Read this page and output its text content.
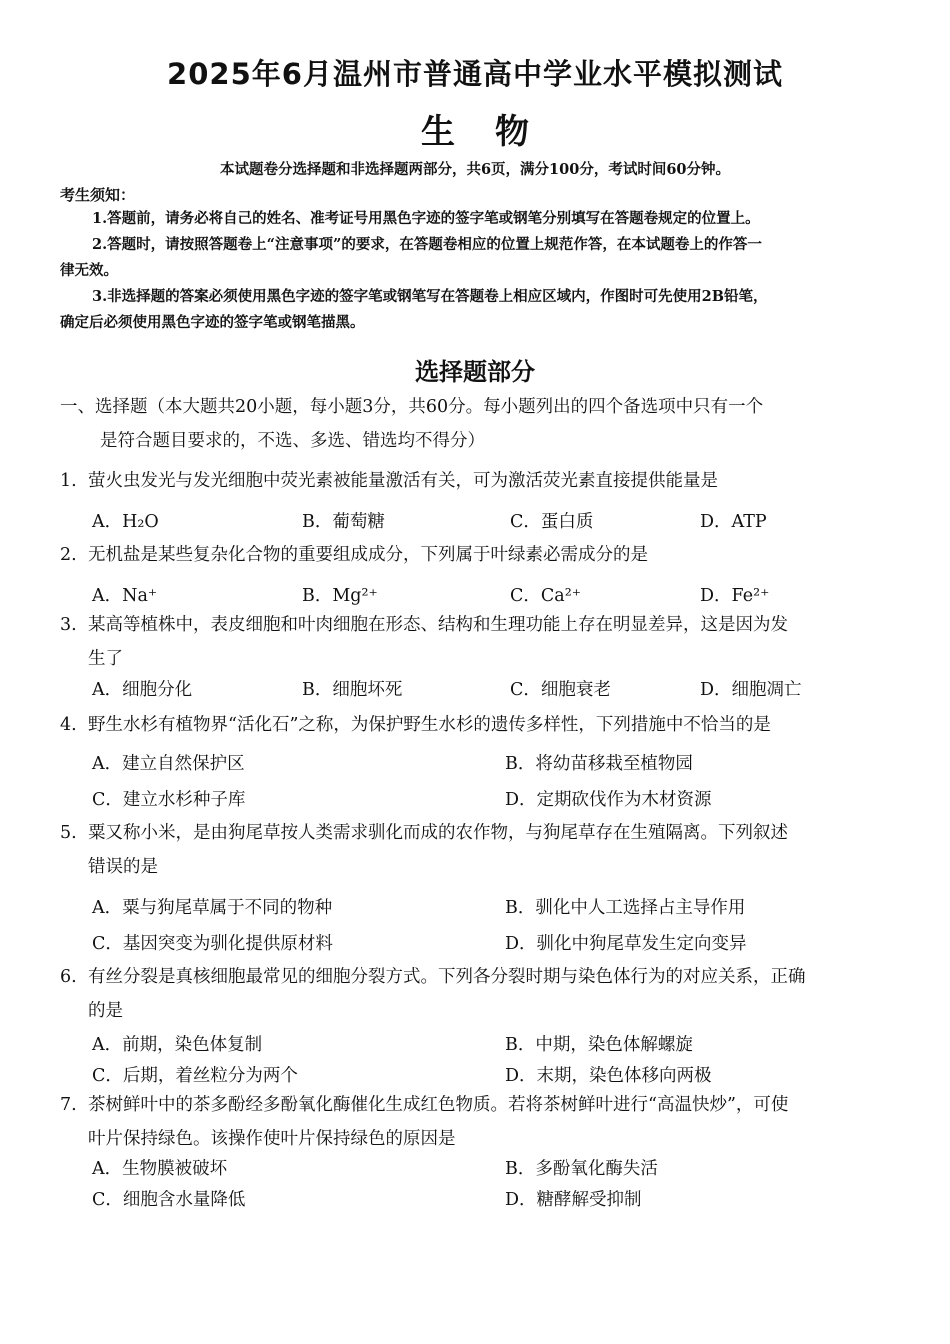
2025年6月温州市普通高中学业水平模拟测试
生物
本试题卷分选择题和非选择题两部分，共6页，满分100分，考试时间60分钟。
考生须知：
1.答题前，请务必将自己的姓名、准考证号用黑色字迹的签字笔或钢笔分别填写在答题卷规定的位置上。
2.答题时，请按照答题卷上“注意事项”的要求，在答题卷相应的位置上规范作答，在本试题卷上的作答一
律无效。
3.非选择题的答案必须使用黑色字迹的签字笔或钢笔写在答题卷上相应区域内，作图时可先使用2B铅笔，
确定后必须使用黑色字迹的签字笔或钢笔描黑。
选择题部分
一、选择题（本大题共20小题，每小题3分，共60分。每小题列出的四个备选项中只有一个
是符合题目要求的，不选、多选、错选均不得分）
1. 萤火虫发光与发光细胞中荧光素被能量激活有关，可为激活荧光素直接提供能量是
A．H₂O	B．葡萄糖	C．蛋白质	D．ATP
2. 无机盐是某些复杂化合物的重要组成成分，下列属于叶绿素必需成分的是
A．Na⁺	B．Mg²⁺	C．Ca²⁺	D．Fe²⁺
3. 某高等植株中，表皮细胞和叶肉细胞在形态、结构和生理功能上存在明显差异，这是因为发
生了
A．细胞分化	B．细胞坏死	C．细胞衰老	D．细胞凋亡
4. 野生水杉有植物界“活化石”之称，为保护野生水杉的遗传多样性，下列措施中不恰当的是
A．建立自然保护区	B．将幼苗移栽至植物园
C．建立水杉种子库	D．定期砍伐作为木材资源
5. 粟又称小米，是由狗尾草按人类需求驯化而成的农作物，与狗尾草存在生殖隔离。下列叙述
错误的是
A．粟与狗尾草属于不同的物种	B．驯化中人工选择占主导作用
C．基因突变为驯化提供原材料	D．驯化中狗尾草发生定向变异
6. 有丝分裂是真核细胞最常见的细胞分裂方式。下列各分裂时期与染色体行为的对应关系，正确
的是
A．前期，染色体复制	B．中期，染色体解螺旋
C．后期，着丝粒分为两个	D．末期，染色体移向两极
7. 茶树鲜叶中的茶多酚经多酚氧化酶催化生成红色物质。若将茶树鲜叶进行“高温快炒”，可使
叶片保持绿色。该操作使叶片保持绿色的原因是
A．生物膜被破坏	B．多酚氧化酶失活
C．细胞含水量降低	D．糖酵解受抑制
